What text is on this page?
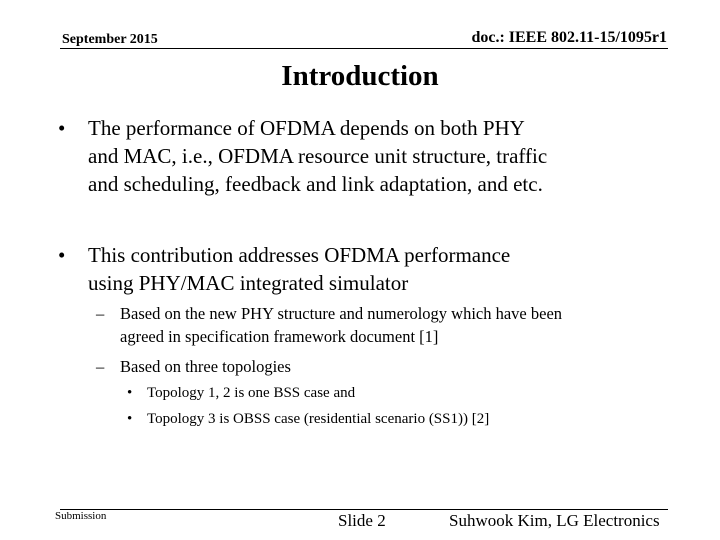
September 2015	doc.: IEEE 802.11-15/1095r1
Introduction
•	The performance of OFDMA depends on both PHY
and MAC, i.e., OFDMA resource unit structure, traffic
and scheduling, feedback and link adaptation, and etc.
•	This contribution addresses OFDMA performance
using PHY/MAC integrated simulator
– Based on the new PHY structure and numerology which have been
agreed in specification framework document [1]
– Based on three topologies
• Topology 1, 2 is one BSS case and
• Topology 3 is OBSS case (residential scenario (SS1)) [2]
Submission	Slide 2	Suhwook Kim, LG Electronics
